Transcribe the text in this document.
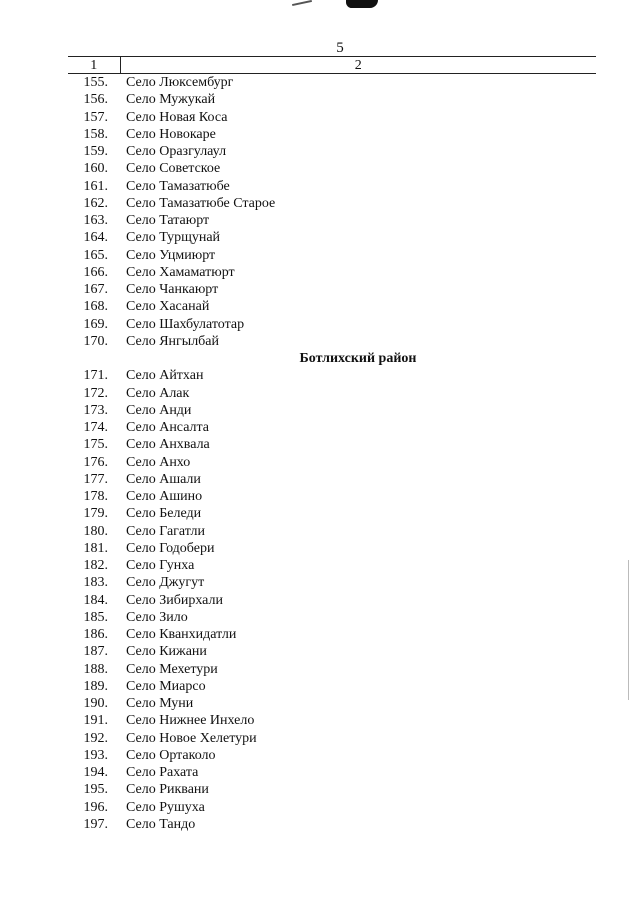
5
1	2
155.	Село Люксембург
156.	Село Мужукай
157.	Село Новая Коса
158.	Село Новокаре
159.	Село Оразгулаул
160.	Село Советское
161.	Село Тамазатюбе
162.	Село Тамазатюбе Старое
163.	Село Татаюрт
164.	Село Турщунай
165.	Село Уцмиюрт
166.	Село Хамаматюрт
167.	Село Чанкаюрт
168.	Село Хасанай
169.	Село Шахбулатотар
170.	Село Янгылбай
	Ботлихский район
171.	Село Айтхан
172.	Село Алак
173.	Село Анди
174.	Село Ансалта
175.	Село Анхвала
176.	Село Анхо
177.	Село Ашали
178.	Село Ашино
179.	Село Беледи
180.	Село Гагатли
181.	Село Годобери
182.	Село Гунха
183.	Село Джугут
184.	Село Зибирхали
185.	Село Зило
186.	Село Кванхидатли
187.	Село Кижани
188.	Село Мехетури
189.	Село Миарсо
190.	Село Муни
191.	Село Нижнее Инхело
192.	Село Новое Хелетури
193.	Село Ортаколо
194.	Село Рахата
195.	Село Риквани
196.	Село Рушуха
197.	Село Тандо
